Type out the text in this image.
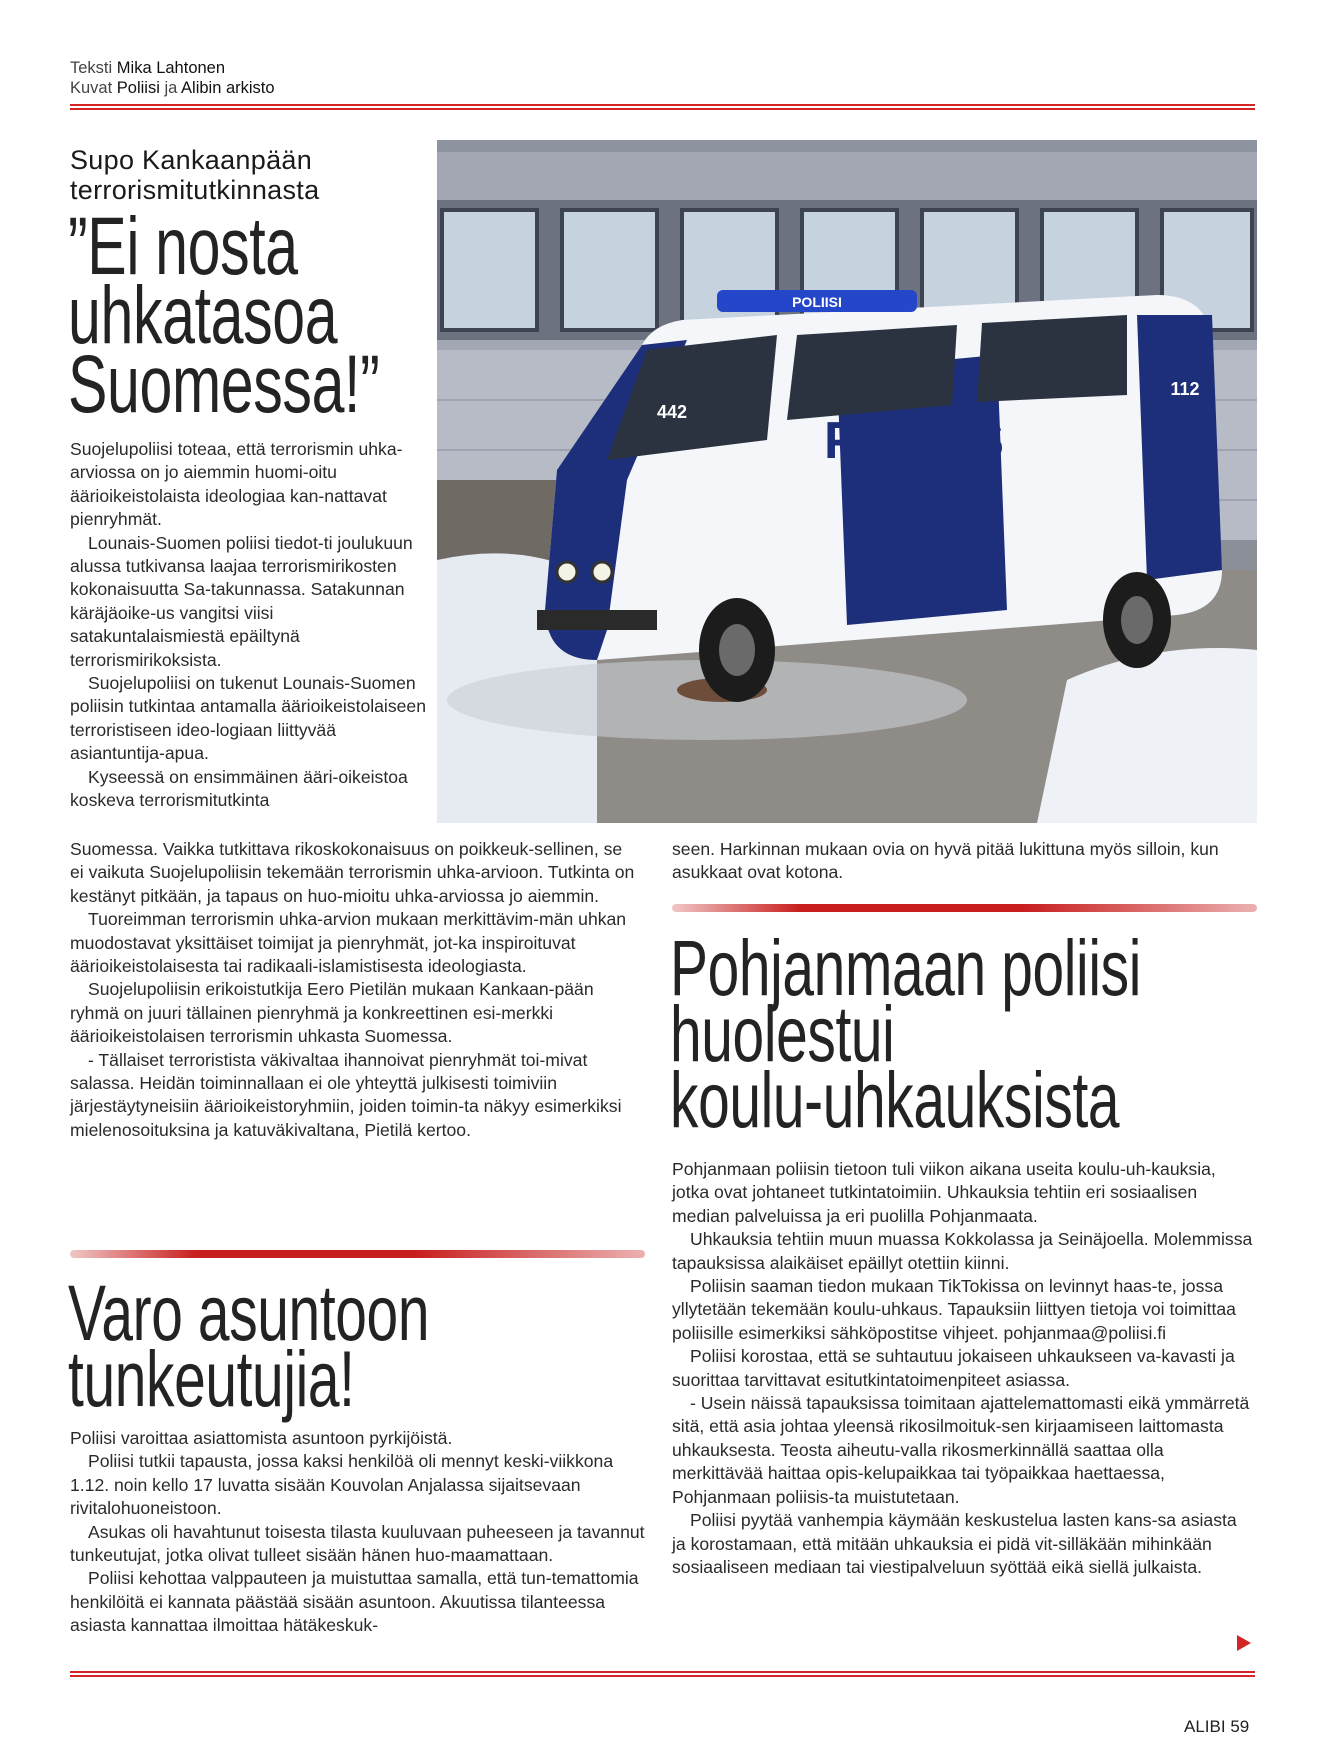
Teksti Mika Lahtonen
Kuvat Poliisi ja Alibin arkisto
Supo Kankaanpään
terrorismitutkinnasta
”Ei nosta
uhkatasoa
Suomessa!”

Suojelupoliisi toteaa, että terrorismin uhka-arviossa on jo aiemmin huomi-oitu äärioikeistolaista ideologiaa kan-nattavat pienryhmät.

Lounais-Suomen poliisi tiedot-ti joulukuun alussa tutkivansa laajaa terrorismirikosten kokonaisuutta Sa-takunnassa. Satakunnan käräjäoike-us vangitsi viisi satakuntalaismiestä epäiltynä terrorismirikoksista.

Suojelupoliisi on tukenut Lounais-Suomen poliisin tutkintaa antamalla äärioikeistolaiseen terroristiseen ideo-logiaan liittyvää asiantuntija-apua.

Kyseessä on ensimmäinen ääri-oikeistoa koskeva terrorismitutkinta

Suomessa. Vaikka tutkittava rikoskokonaisuus on poikkeuk-sellinen, se ei vaikuta Suojelupoliisin tekemään terrorismin uhka-arvioon. Tutkinta on kestänyt pitkään, ja tapaus on huo-mioitu uhka-arviossa jo aiemmin.

Tuoreimman terrorismin uhka-arvion mukaan merkittävim-män uhkan muodostavat yksittäiset toimijat ja pienryhmät, jot-ka inspiroituvat äärioikeistolaisesta tai radikaali-islamistisesta ideologiasta.

Suojelupoliisin erikoistutkija Eero Pietilän mukaan Kankaan-pään ryhmä on juuri tällainen pienryhmä ja konkreettinen esi-merkki äärioikeistolaisen terrorismin uhkasta Suomessa.

- Tällaiset terroristista väkivaltaa ihannoivat pienryhmät toi-mivat salassa. Heidän toiminnallaan ei ole yhteyttä julkisesti toimiviin järjestäytyneisiin äärioikeistoryhmiin, joiden toimin-ta näkyy esimerkiksi mielenosoituksina ja katuväkivaltana, Pietilä kertoo.

POLIISI
POLIS
442
112

seen. Harkinnan mukaan ovia on hyvä pitää lukittuna myös silloin, kun asukkaat ovat kotona.

Pohjanmaan poliisi
huolestui
koulu-uhkauksista

Pohjanmaan poliisin tietoon tuli viikon aikana useita koulu-uh-kauksia, jotka ovat johtaneet tutkintatoimiin. Uhkauksia tehtiin eri sosiaalisen median palveluissa ja eri puolilla Pohjanmaata.

Uhkauksia tehtiin muun muassa Kokkolassa ja Seinäjoella. Molemmissa tapauksissa alaikäiset epäillyt otettiin kiinni.

Poliisin saaman tiedon mukaan TikTokissa on levinnyt haas-te, jossa yllytetään tekemään koulu-uhkaus. Tapauksiin liittyen tietoja voi toimittaa poliisille esimerkiksi sähköpostitse vihjeet. pohjanmaa@poliisi.fi

Poliisi korostaa, että se suhtautuu jokaiseen uhkaukseen va-kavasti ja suorittaa tarvittavat esitutkintatoimenpiteet asiassa.

- Usein näissä tapauksissa toimitaan ajattelemattomasti eikä ymmärretä sitä, että asia johtaa yleensä rikosilmoituk-sen kirjaamiseen laittomasta uhkauksesta. Teosta aiheutu-valla rikosmerkinnällä saattaa olla merkittävää haittaa opis-kelupaikkaa tai työpaikkaa haettaessa, Pohjanmaan poliisis-ta muistutetaan.

Poliisi pyytää vanhempia käymään keskustelua lasten kans-sa asiasta ja korostamaan, että mitään uhkauksia ei pidä vit-silläkään mihinkään sosiaaliseen mediaan tai viestipalveluun syöttää eikä siellä julkaista.

Varo asuntoon
tunkeutujia!

Poliisi varoittaa asiattomista asuntoon pyrkijöistä.

Poliisi tutkii tapausta, jossa kaksi henkilöä oli mennyt keski-viikkona 1.12. noin kello 17 luvatta sisään Kouvolan Anjalassa sijaitsevaan rivitalohuoneistoon.

Asukas oli havahtunut toisesta tilasta kuuluvaan puheeseen ja tavannut tunkeutujat, jotka olivat tulleet sisään hänen huo-maamattaan.

Poliisi kehottaa valppauteen ja muistuttaa samalla, että tun-temattomia henkilöitä ei kannata päästää sisään asuntoon. Akuutissa tilanteessa asiasta kannattaa ilmoittaa hätäkeskuk-

ALIBI 59
